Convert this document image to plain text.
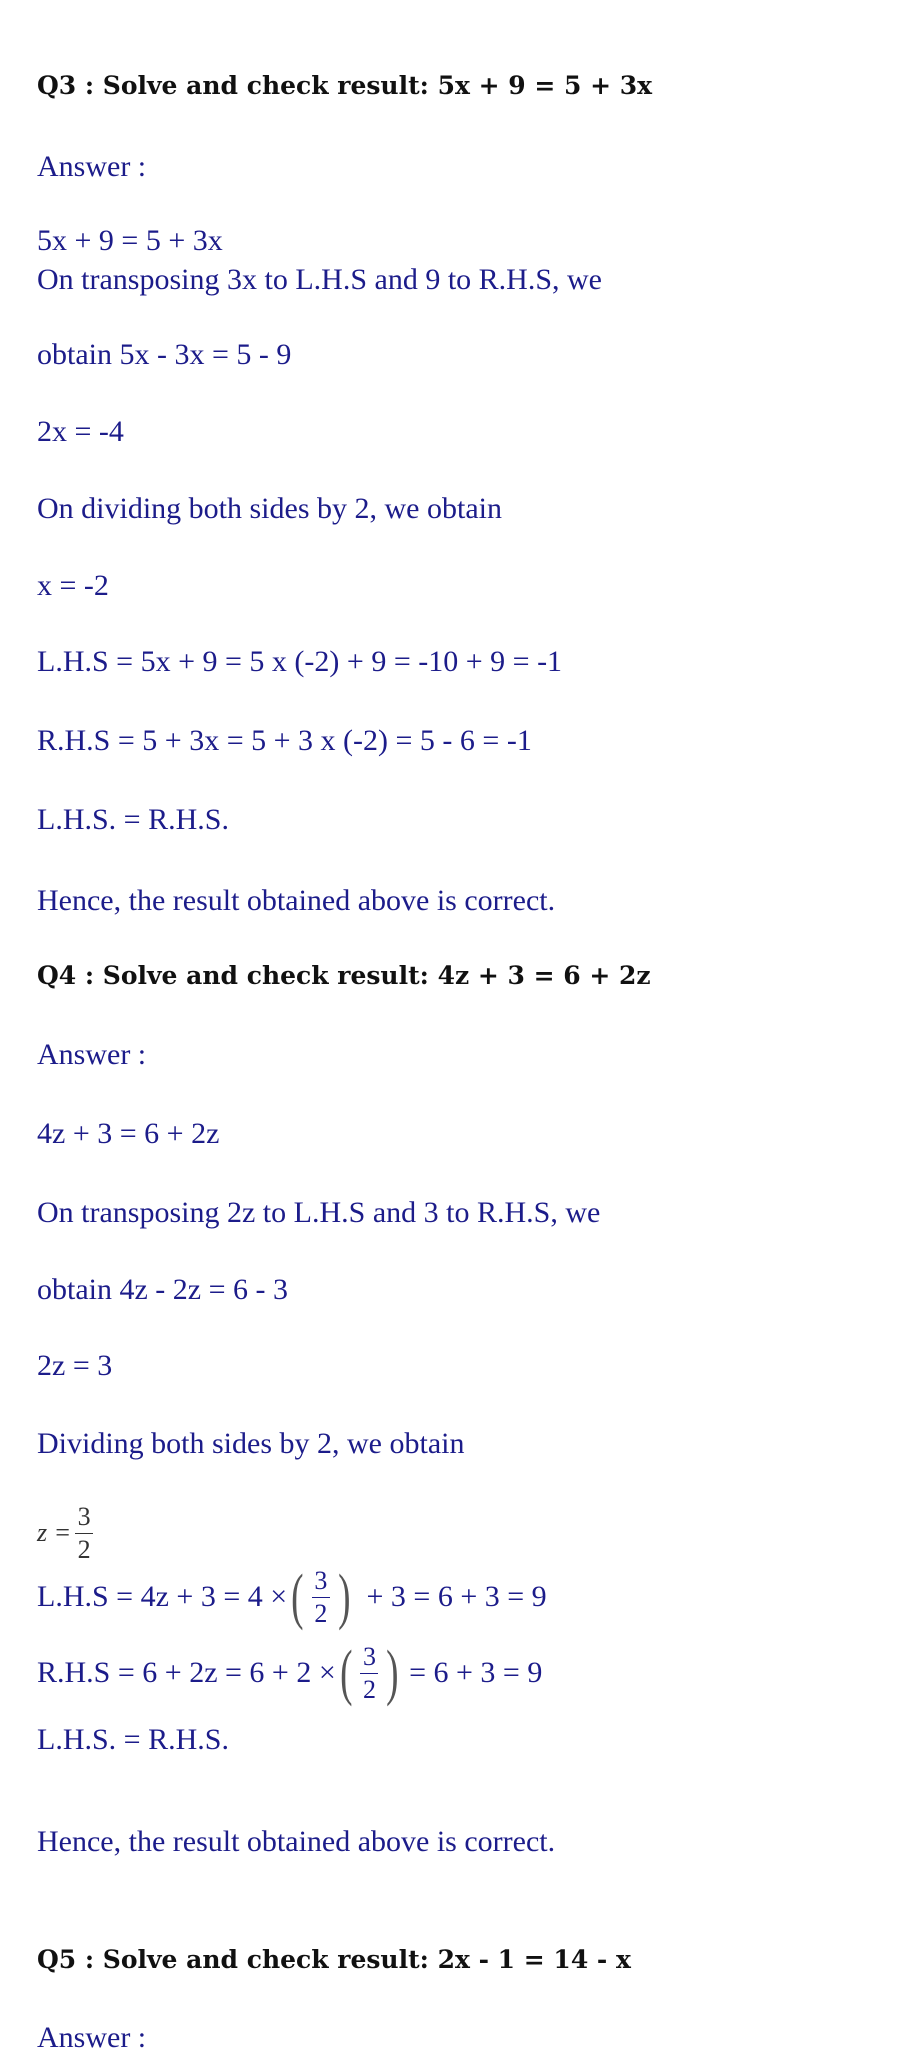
Q3 : Solve and check result: 5x + 9 = 5 + 3x
Answer :
5x + 9 = 5 + 3x
On transposing 3x to L.H.S and 9 to R.H.S, we
obtain 5x - 3x = 5 - 9
2x = -4
On dividing both sides by 2, we obtain
x = -2
L.H.S = 5x + 9 = 5 x (-2) + 9 = -10 + 9 = -1
R.H.S = 5 + 3x = 5 + 3 x (-2) = 5 - 6 = -1
L.H.S. = R.H.S.
Hence, the result obtained above is correct.
Q4 : Solve and check result: 4z + 3 = 6 + 2z
Answer :
4z + 3 = 6 + 2z
On transposing 2z to L.H.S and 3 to R.H.S, we
obtain 4z - 2z = 6 - 3
2z = 3
Dividing both sides by 2, we obtain
$z = \frac{3}{2}$
L.H.S = 4z + 3 = 4 × ( $\frac{3}{2}$ ) + 3 = 6 + 3 = 9
R.H.S = 6 + 2z = 6 + 2 × ( $\frac{3}{2}$ ) = 6 + 3 = 9
L.H.S. = R.H.S.
Hence, the result obtained above is correct.
Q5 : Solve and check result: 2x - 1 = 14 - x
Answer :
